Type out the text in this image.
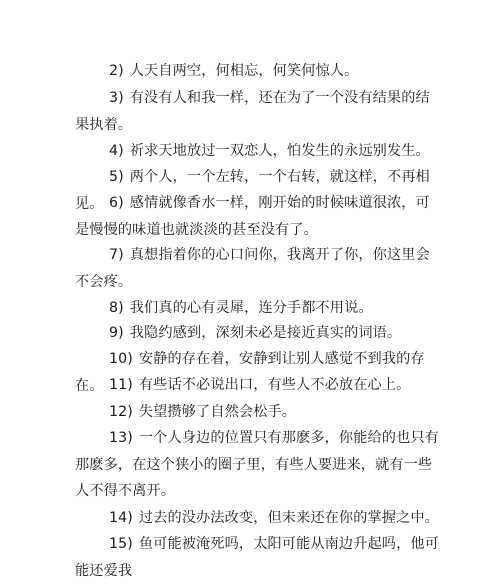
2) 人天自两空，何相忘，何笑何惊人。

3) 有没有人和我一样，还在为了一个没有结果的结果执着。

4) 祈求天地放过一双恋人，怕发生的永远别发生。

5) 两个人，一个左转，一个右转，就这样，不再相见。 6) 感情就像香水一样，刚开始的时候味道很浓，可是慢慢的味道也就淡淡的甚至没有了。

7) 真想指着你的心口问你，我离开了你，你这里会不会疼。

8) 我们真的心有灵犀，连分手都不用说。

9) 我隐约感到，深刻未必是接近真实的词语。

10) 安静的存在着，安静到让别人感觉不到我的存在。 11) 有些话不必说出口，有些人不必放在心上。

12) 失望攒够了自然会松手。

13) 一个人身边的位置只有那麽多，你能给的也只有那麽多，在这个狭小的圈子里，有些人要进来，就有一些人不得不离开。

14) 过去的没办法改变，但未来还在你的掌握之中。

15) 鱼可能被淹死吗，太阳可能从南边升起吗，他可能还爱我
